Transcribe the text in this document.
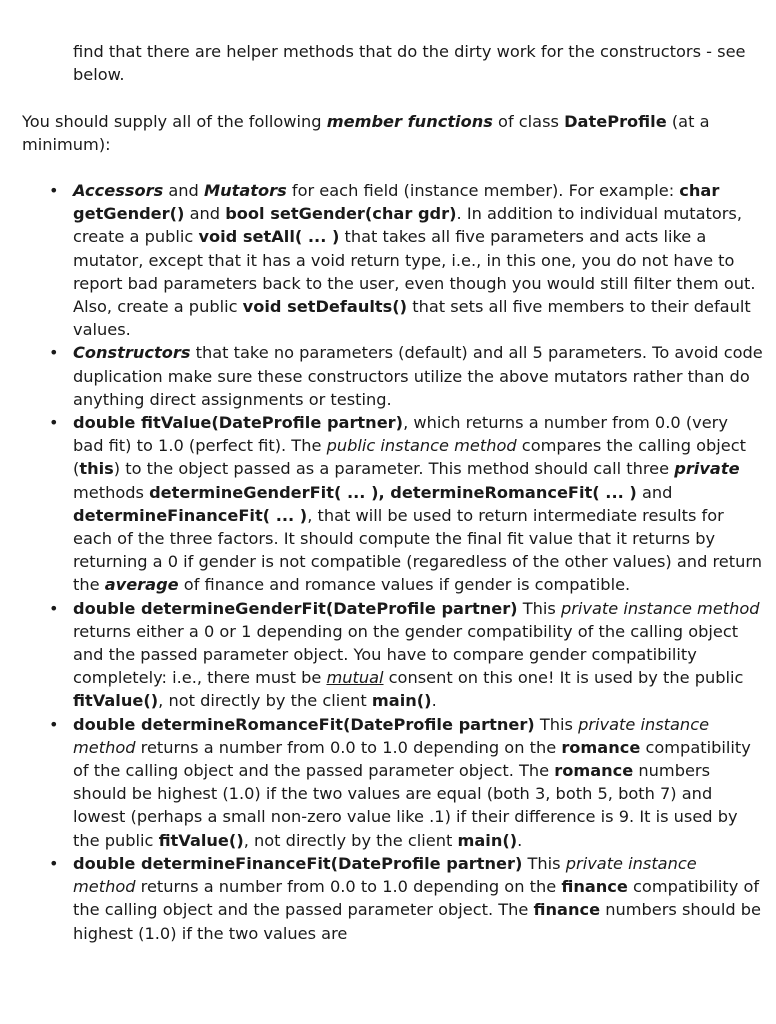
find that there are helper methods that do the dirty work for the constructors - see below.

You should supply all of the following member functions of class DateProfile (at a minimum):

• Accessors and Mutators for each field (instance member). For example: char getGender() and bool setGender(char gdr). In addition to individual mutators, create a public void setAll( ... ) that takes all five parameters and acts like a mutator, except that it has a void return type, i.e., in this one, you do not have to report bad parameters back to the user, even though you would still filter them out. Also, create a public void setDefaults() that sets all five members to their default values.
• Constructors that take no parameters (default) and all 5 parameters. To avoid code duplication make sure these constructors utilize the above mutators rather than do anything direct assignments or testing.
• double fitValue(DateProfile partner), which returns a number from 0.0 (very bad fit) to 1.0 (perfect fit). The public instance method compares the calling object (this) to the object passed as a parameter. This method should call three private methods determineGenderFit( ... ), determineRomanceFit( ... ) and determineFinanceFit( ... ), that will be used to return intermediate results for each of the three factors. It should compute the final fit value that it returns by returning a 0 if gender is not compatible (regaredless of the other values) and return the average of finance and romance values if gender is compatible.
• double determineGenderFit(DateProfile partner) This private instance method returns either a 0 or 1 depending on the gender compatibility of the calling object and the passed parameter object. You have to compare gender compatibility completely: i.e., there must be mutual consent on this one! It is used by the public fitValue(), not directly by the client main().
• double determineRomanceFit(DateProfile partner) This private instance method returns a number from 0.0 to 1.0 depending on the romance compatibility of the calling object and the passed parameter object. The romance numbers should be highest (1.0) if the two values are equal (both 3, both 5, both 7) and lowest (perhaps a small non-zero value like .1) if their difference is 9. It is used by the public fitValue(), not directly by the client main().
• double determineFinanceFit(DateProfile partner) This private instance method returns a number from 0.0 to 1.0 depending on the finance compatibility of the calling object and the passed parameter object. The finance numbers should be highest (1.0) if the two values are
